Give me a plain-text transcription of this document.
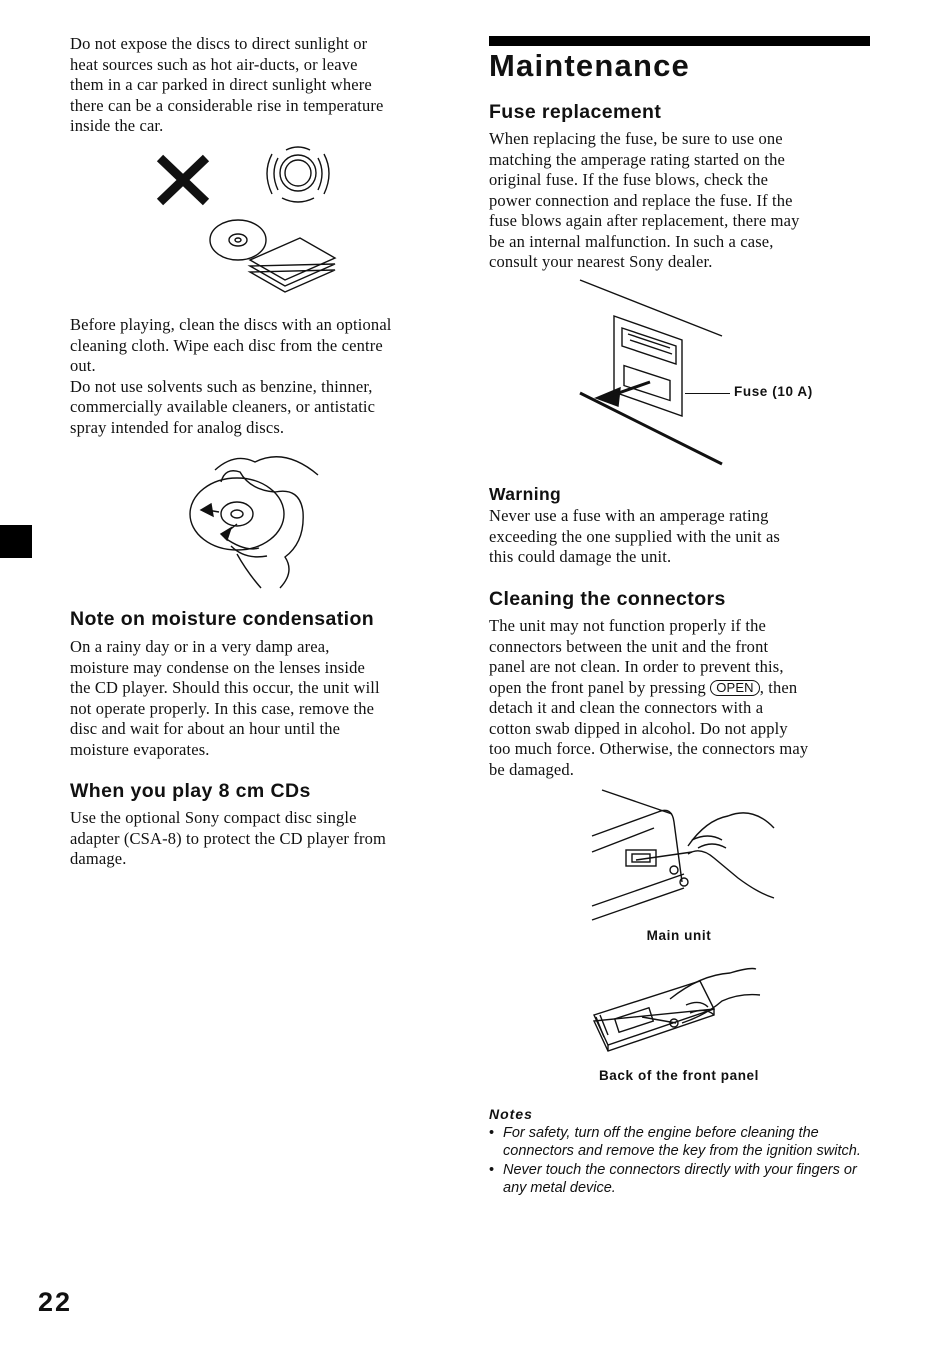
Do not expose the discs to direct sunlight or
heat sources such as hot air-ducts, or leave
them in a car parked in direct sunlight where
there can be a considerable rise in temperature
inside the car.

Before playing, clean the discs with an optional
cleaning cloth. Wipe each disc from the centre
out.
Do not use solvents such as benzine, thinner,
commercially available cleaners, or antistatic
spray intended for analog discs.

Note on moisture condensation

On a rainy day or in a very damp area,
moisture may condense on the lenses inside
the CD player. Should this occur, the unit will
not operate properly. In this case, remove the
disc and wait for about an hour until the
moisture evaporates.

When you play 8 cm CDs

Use the optional Sony compact disc single
adapter (CSA-8) to protect the CD player from
damage.

Maintenance
Fuse replacement

When replacing the fuse, be sure to use one
matching the amperage rating started on the
original fuse. If the fuse blows, check the
power connection and replace the fuse. If the
fuse blows again after replacement, there may
be an internal malfunction. In such a case,
consult your nearest Sony dealer.

Fuse (10 A)
Warning

Never use a fuse with an amperage rating
exceeding the one supplied with the unit as
this could damage the unit.

Cleaning the connectors

The unit may not function properly if the
connectors between the unit and the front
panel are not clean. In order to prevent this,
open the front panel by pressing OPEN , then
detach it and clean the connectors with a
cotton swab dipped in alcohol. Do not apply
too much force. Otherwise, the connectors may
be damaged.

Main unit
Back of the front panel
Notes
• For safety, turn off the engine before cleaning the connectors and remove the key from the ignition switch.
• Never touch the connectors directly with your fingers or any metal device.

22
